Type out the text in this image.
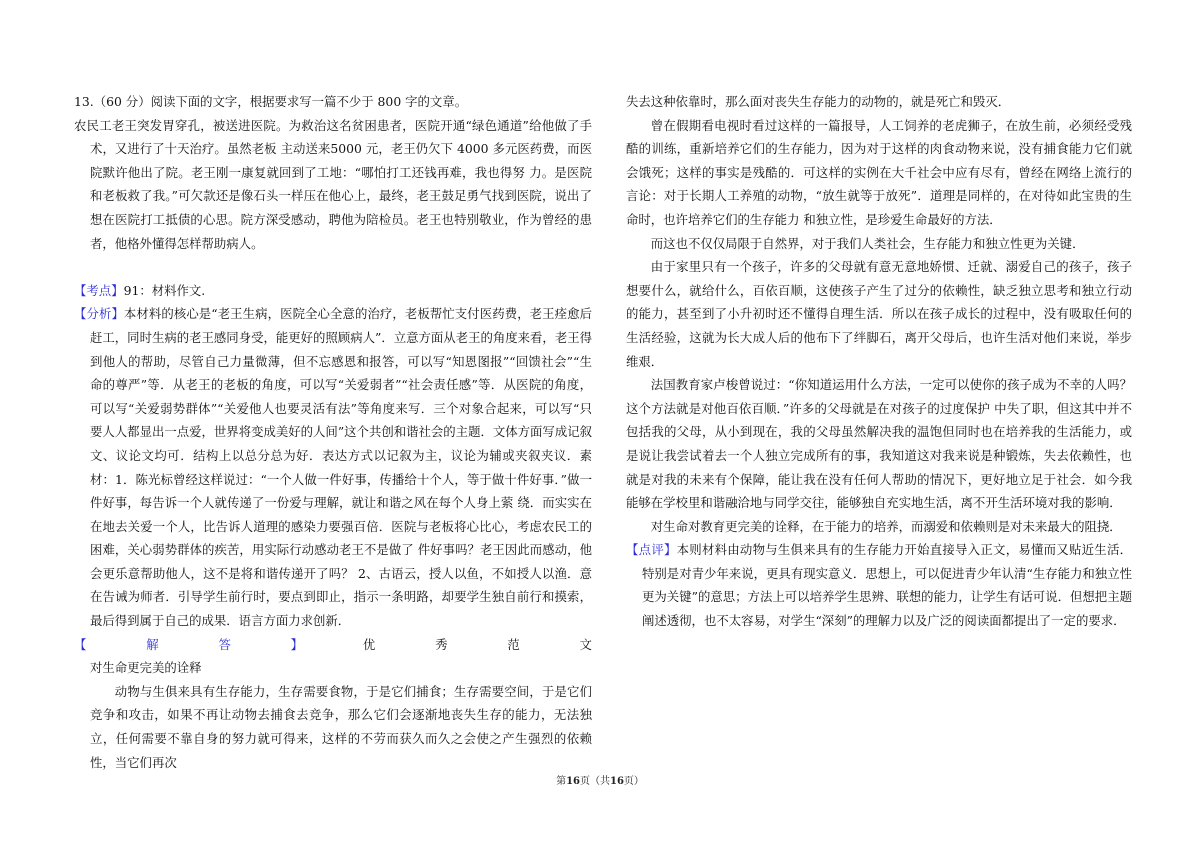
13.（60 分）阅读下面的文字，根据要求写一篇不少于 800 字的文章。

农民工老王突发胃穿孔，被送进医院。为救治这名贫困患者，医院开通“绿色通道”给他做了手术，又进行了十天治疗。虽然老板 主动送来5000 元，老王仍欠下 4000 多元医药费，而医院默许他出了院。老王刚一康复就回到了工地：“哪怕打工还钱再难，我也得努 力。是医院和老板救了我。”可欠款还是像石头一样压在他心上，最终，老王鼓足勇气找到医院，说出了想在医院打工抵债的心思。院方深受感动，聘他为陪检员。老王也特别敬业，作为曾经的患者，他格外懂得怎样帮助病人。

【考点】91：材料作文.

【分析】本材料的核心是“老王生病，医院全心全意的治疗，老板帮忙支付医药费，老王痊愈后赶工，同时生病的老王感同身受，能更好的照顾病人”．立意方面从老王的角度来看，老王得到他人的帮助，尽管自己力量微薄，但不忘感恩和报答，可以写“知恩图报”“回馈社会”“生命的尊严”等．从老王的老板的角度，可以写“关爱弱者”“社会责任感”等．从医院的角度，可以写“关爱弱势群体”“关爱他人也要灵活有法”等角度来写．三个对象合起来，可以写“只要人人都显出一点爱，世界将变成美好的人间”这个共创和谐社会的主题．文体方面写成记叙文、议论文均可．结构上以总分总为好．表达方式以记叙为主，议论为辅或夹叙夹议．素材：1．陈光标曾经这样说过：“一个人做一件好事，传播给十个人，等于做十件好事．”做一件好事，每告诉一个人就传递了一份爱与理解，就让和谐之风在每个人身上萦 绕．而实实在在地去关爱一个人，比告诉人道理的感染力要强百倍．医院与老板将心比心，考虑农民工的困难，关心弱势群体的疾苦，用实际行动感动老王不是做了 件好事吗？老王因此而感动，他会更乐意帮助他人，这不是将和谐传递开了吗？ 2、古语云，授人以鱼，不如授人以渔．意在告诫为师者．引导学生前行时，要点到即止，指示一条明路，却要学生独自前行和摸索，最后得到属于自己的成果．语言方面力求创新．

【	解	答	】	优	秀	范	文

对生命更完美的诠释

动物与生俱来具有生存能力，生存需要食物，于是它们捕食；生存需要空间，于是它们竞争和攻击，如果不再让动物去捕食去竞争，那么它们会逐渐地丧失生存的能力，无法独立，任何需要不靠自身的努力就可得来，这样的不劳而获久而久之会使之产生强烈的依赖性，当它们再次

失去这种依靠时，那么面对丧失生存能力的动物的，就是死亡和毁灭．

曾在假期看电视时看过这样的一篇报导，人工饲养的老虎狮子，在放生前，必须经受残酷的训练，重新培养它们的生存能力，因为对于这样的肉食动物来说，没有捕食能力它们就会饿死；这样的事实是残酷的．可这样的实例在大千社会中应有尽有，曾经在网络上流行的言论：对于长期人工养殖的动物，“放生就等于放死”．道理是同样的，在对待如此宝贵的生命时，也许培养它们的生存能力 和独立性，是珍爱生命最好的方法．

而这也不仅仅局限于自然界，对于我们人类社会，生存能力和独立性更为关键．

由于家里只有一个孩子，许多的父母就有意无意地娇惯、迁就、溺爱自己的孩子，孩子想要什么，就给什么，百依百顺，这使孩子产生了过分的依赖性，缺乏独立思考和独立行动的能力，甚至到了小升初时还不懂得自理生活．所以在孩子成长的过程中，没有吸取任何的生活经验，这就为长大成人后的他布下了绊脚石，离开父母后，也许生活对他们来说，举步维艰．

法国教育家卢梭曾说过：“你知道运用什么方法，一定可以使你的孩子成为不幸的人吗？这个方法就是对他百依百顺．”许多的父母就是在对孩子的过度保护 中失了职，但这其中并不包括我的父母，从小到现在，我的父母虽然解决我的温饱但同时也在培养我的生活能力，或是说让我尝试着去一个人独立完成所有的事，我知道这对我来说是种锻炼，失去依赖性，也就是对我的未来有个保障，能让我在没有任何人帮助的情况下，更好地立足于社会．如今我能够在学校里和谐融洽地与同学交往，能够独自充实地生活，离不开生活环境对我的影响．

对生命对教育更完美的诠释，在于能力的培养，而溺爱和依赖则是对未来最大的阻挠．

【点评】本则材料由动物与生俱来具有的生存能力开始直接导入正文，易懂而又贴近生活．特别是对青少年来说，更具有现实意义．思想上，可以促进青少年认清“生存能力和独立性更为关键”的意思；方法上可以培养学生思辨、联想的能力，让学生有话可说．但想把主题阐述透彻，也不太容易，对学生“深刻”的理解力以及广泛的阅读面都提出了一定的要求．

第16页（共16页）
